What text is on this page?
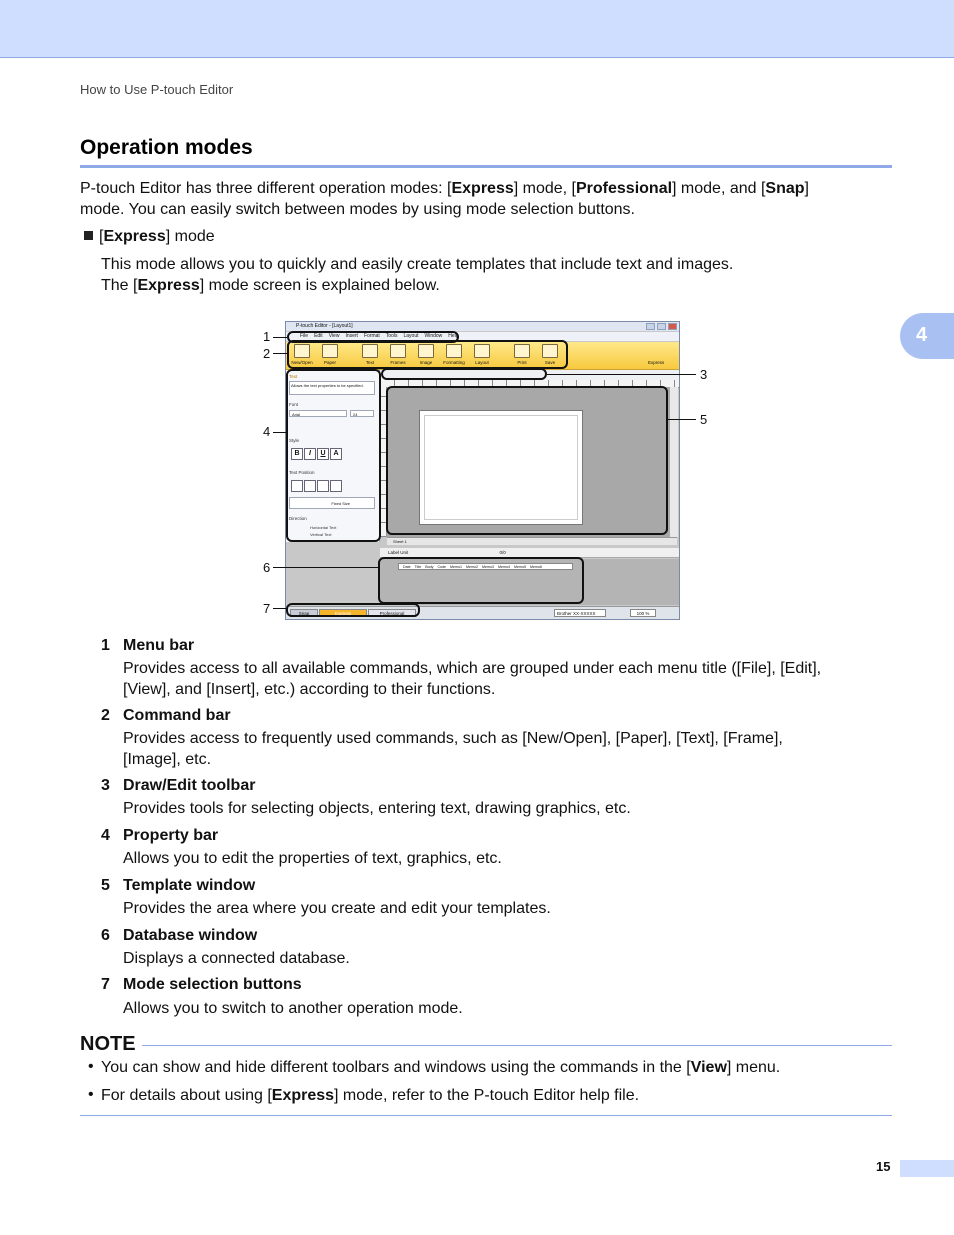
How to Use P-touch Editor
4
Operation modes
P-touch Editor has three different operation modes: [Express] mode, [Professional] mode, and [Snap]
mode. You can easily switch between modes by using mode selection buttons.
[Express] mode
This mode allows you to quickly and easily create templates that include text and images.
The [Express] mode screen is explained below.
P-touch Editor - [Layout1]
File Edit View Insert Format Tools Layout Window Help
New/Open	Paper	Text	Frames	Image	Formatting	Layout	Print	Save	Express
Text
Allows the text properties to be specified.
Font
Arial	24
Style
B	I	U	A
Text Position
Fixed Size
Direction
Horizontal Text
Vertical Text
Sheet 1
Label Unit	0/0
Date Title Body Code Memo1 Memo2 Memo3 Memo4 Memo5 Memo6
Snap	Express	Professional	Brother XX-XXXXX	100 %
1
2
3
4
5
6
7
1 Menu bar
Provides access to all available commands, which are grouped under each menu title ([File], [Edit],
[View], and [Insert], etc.) according to their functions.
2 Command bar
Provides access to frequently used commands, such as [New/Open], [Paper], [Text], [Frame],
[Image], etc.
3 Draw/Edit toolbar
Provides tools for selecting objects, entering text, drawing graphics, etc.
4 Property bar
Allows you to edit the properties of text, graphics, etc.
5 Template window
Provides the area where you create and edit your templates.
6 Database window
Displays a connected database.
7 Mode selection buttons
Allows you to switch to another operation mode.
NOTE
• You can show and hide different toolbars and windows using the commands in the [View] menu.
• For details about using [Express] mode, refer to the P-touch Editor help file.
15
